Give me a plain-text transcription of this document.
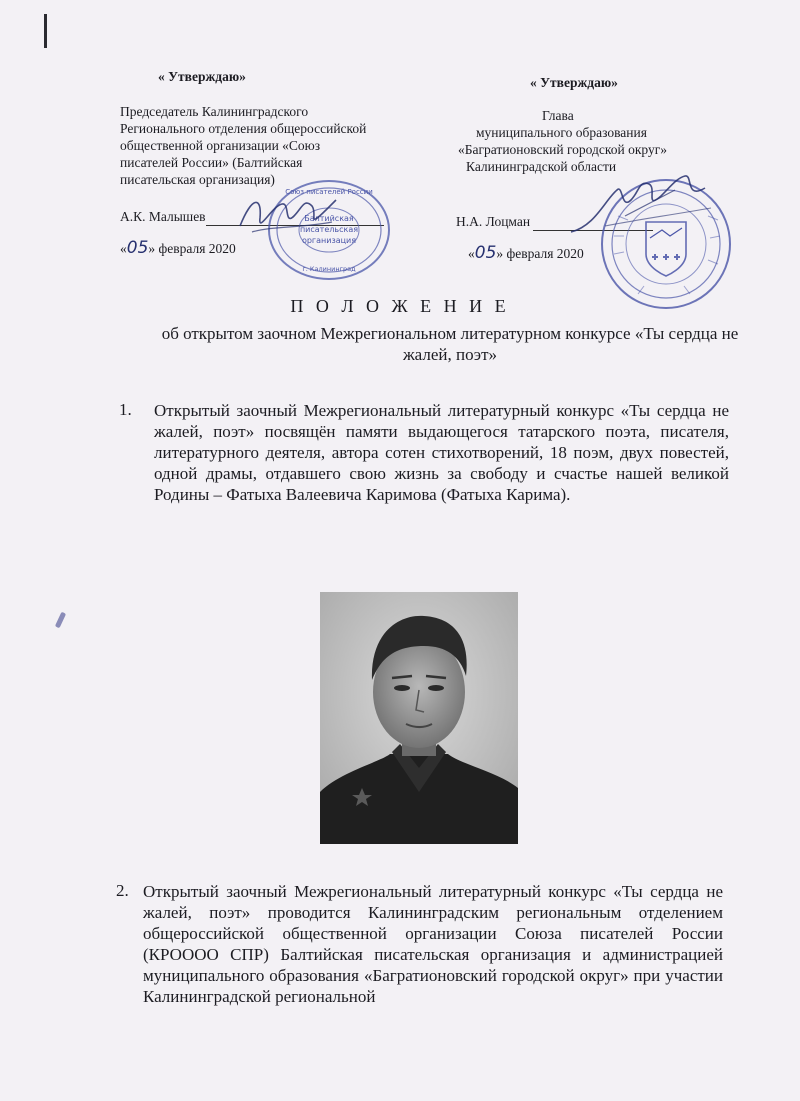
« Утверждаю»
Председатель Калининградского
Регионального отделения общероссийской
общественной организации «Союз
писателей России» (Балтийская
писательская организация)
А.К. Малышев
«05» февраля 2020
« Утверждаю»
Глава
муниципального образования
«Багратионовский городской округ»
Калининградской области
Н.А. Лоцман
«05» февраля 2020
Союз писателей России
Балтийская
писательская
организация
г. Калининград
П О Л О Ж Е Н И Е
об открытом заочном Межрегиональном литературном конкурсе «Ты сердца не жалей, поэт»
1. Открытый заочный Межрегиональный литературный конкурс «Ты сердца не жалей, поэт» посвящён памяти выдающегося татарского поэта, писателя, литературного деятеля, автора сотен стихотворений, 18 поэм, двух повестей, одной драмы, отдавшего свою жизнь за свободу и счастье нашей великой Родины – Фатыха Валеевича Каримова (Фатыха Карима).
2. Открытый заочный Межрегиональный литературный конкурс «Ты сердца не жалей, поэт» проводится Калининградским региональным отделением общероссийской общественной организации Союза писателей России (КРОООО СПР) Балтийская писательская организация и администрацией муниципального образования «Багратионовский городской округ» при участии Калининградской региональной
